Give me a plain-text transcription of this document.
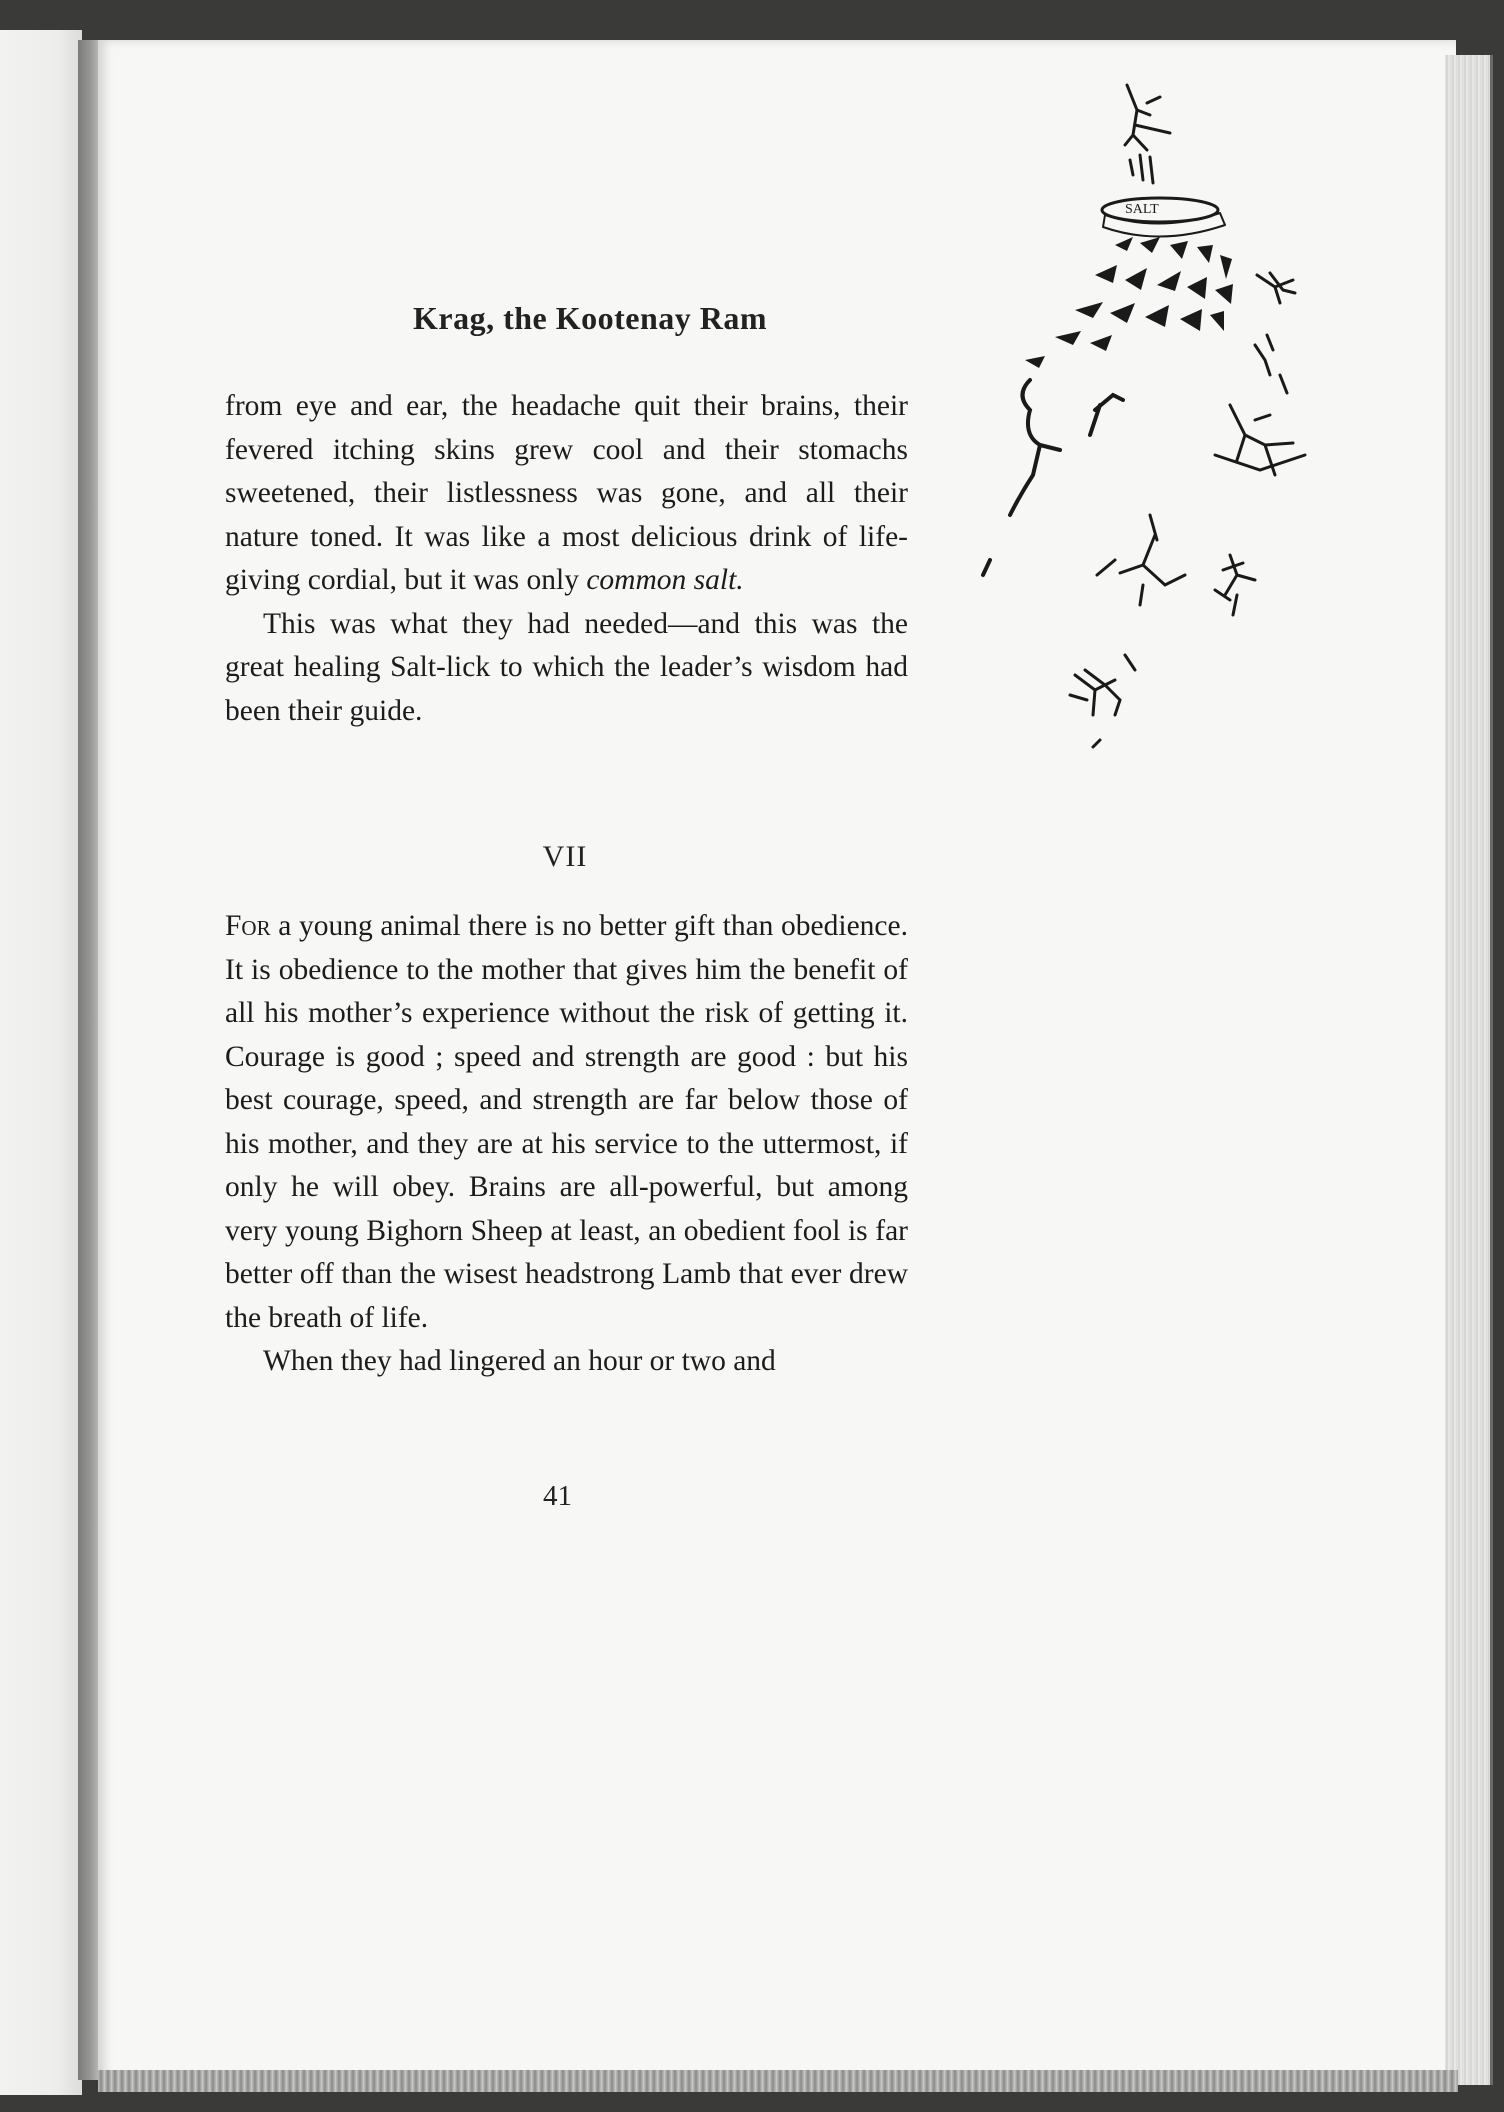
Krag, the Kootenay Ram

from eye and ear, the headache quit their brains, their fevered itching skins grew cool and their stomachs sweetened, their listlessness was gone, and all their nature toned. It was like a most delicious drink of life-giving cordial, but it was only common salt.

This was what they had needed—and this was the great healing Salt-lick to which the leader’s wisdom had been their guide.

VII

For a young animal there is no better gift than obedience. It is obedience to the mother that gives him the benefit of all his mother’s experience without the risk of getting it. Courage is good ; speed and strength are good : but his best courage, speed, and strength are far below those of his mother, and they are at his service to the uttermost, if only he will obey. Brains are all-powerful, but among very young Bighorn Sheep at least, an obedient fool is far better off than the wisest headstrong Lamb that ever drew the breath of life.

When they had lingered an hour or two and

41
SALT
